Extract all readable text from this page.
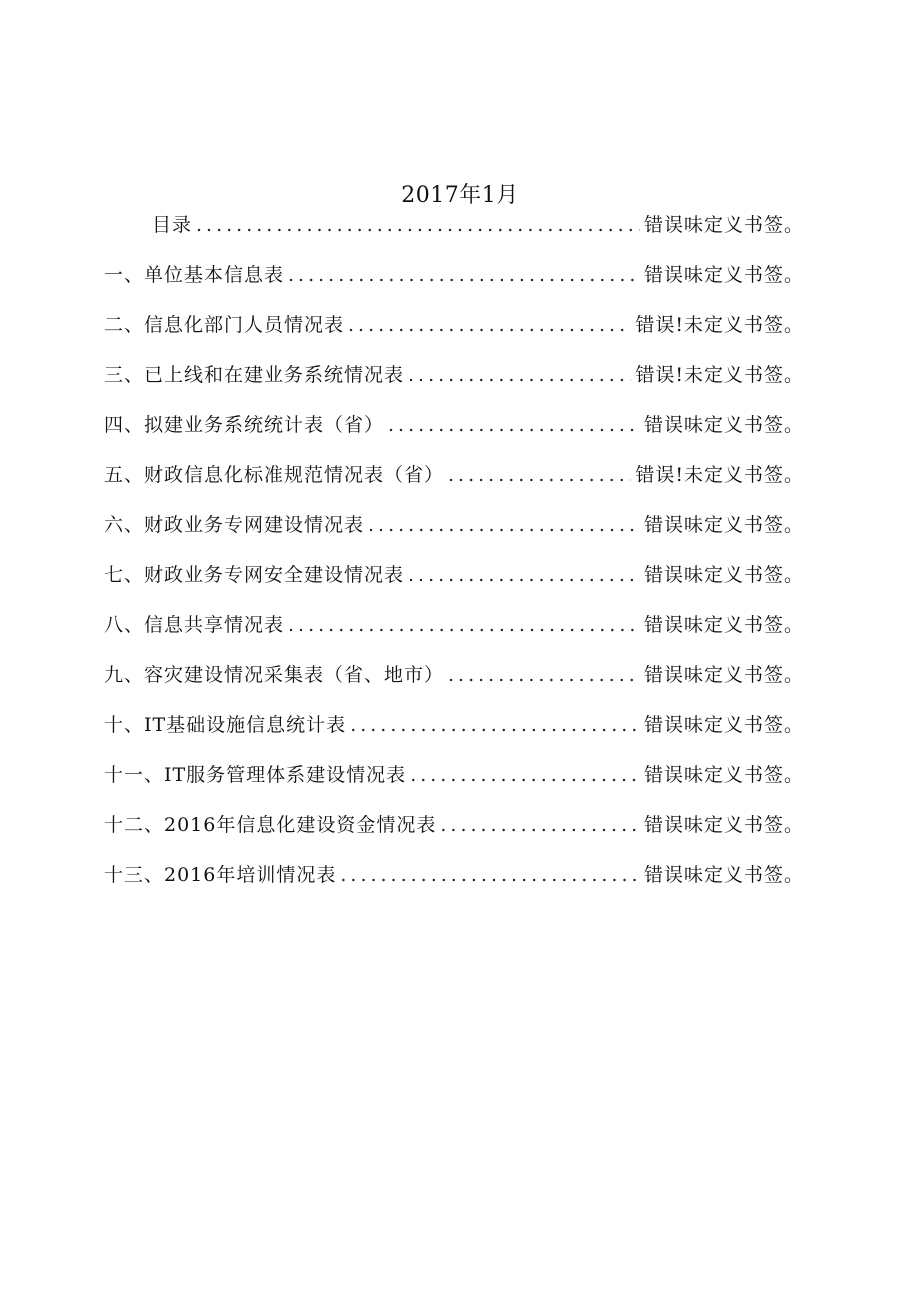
2017年1月
目录 .....	错误味定义书签。
一、单位基本信息表 .....	错误味定义书签。
二、信息化部门人员情况表 .....	错误!未定义书签。
三、已上线和在建业务系统情况表 .....	错误!未定义书签。
四、拟建业务系统统计表（省） .....	错误味定义书签。
五、财政信息化标准规范情况表（省） .....	错误!未定义书签。
六、财政业务专网建设情况表 .....	错误味定义书签。
七、财政业务专网安全建设情况表 .....	错误味定义书签。
八、信息共享情况表 .....	错误味定义书签。
九、容灾建设情况采集表（省、地市） .....	错误味定义书签。
十、IT基础设施信息统计表 .....	错误味定义书签。
十一、IT服务管理体系建设情况表 .....	错误味定义书签。
十二、2016年信息化建设资金情况表 .....	错误味定义书签。
十三、2016年培训情况表 .....	错误味定义书签。
